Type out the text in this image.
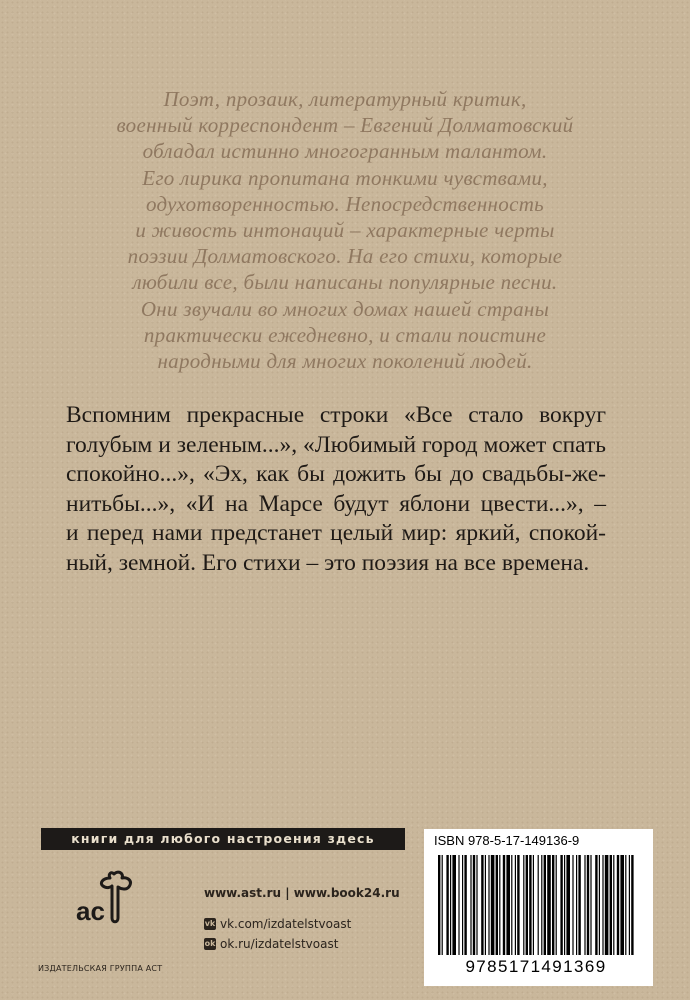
Поэт, прозаик, литературный критик,
военный корреспондент – Евгений Долматовский
обладал истинно многогранным талантом.
Его лирика пропитана тонкими чувствами,
одухотворенностью. Непосредственность
и живость интонаций – характерные черты
поэзии Долматовского. На его стихи, которые
любили все, были написаны популярные песни.
Они звучали во многих домах нашей страны
практически ежедневно, и стали поистине
народными для многих поколений людей.
Вспомним прекрасные строки «Все стало вокруг
голубым и зеленым...», «Любимый город может спать
спокойно...», «Эх, как бы дожить бы до свадьбы-же-
нитьбы...», «И на Марсе будут яблони цвести...», –
и перед нами предстанет целый мир: яркий, спокой-
ный, земной. Его стихи – это поэзия на все времена.
книги для любого настроения здесь
ac
ИЗДАТЕЛЬСКАЯ ГРУППА АСТ
www.ast.ru | www.book24.ru
vk vk.com/izdatelstvoast
ok ok.ru/izdatelstvoast
ISBN 978-5-17-149136-9
9785171491369
